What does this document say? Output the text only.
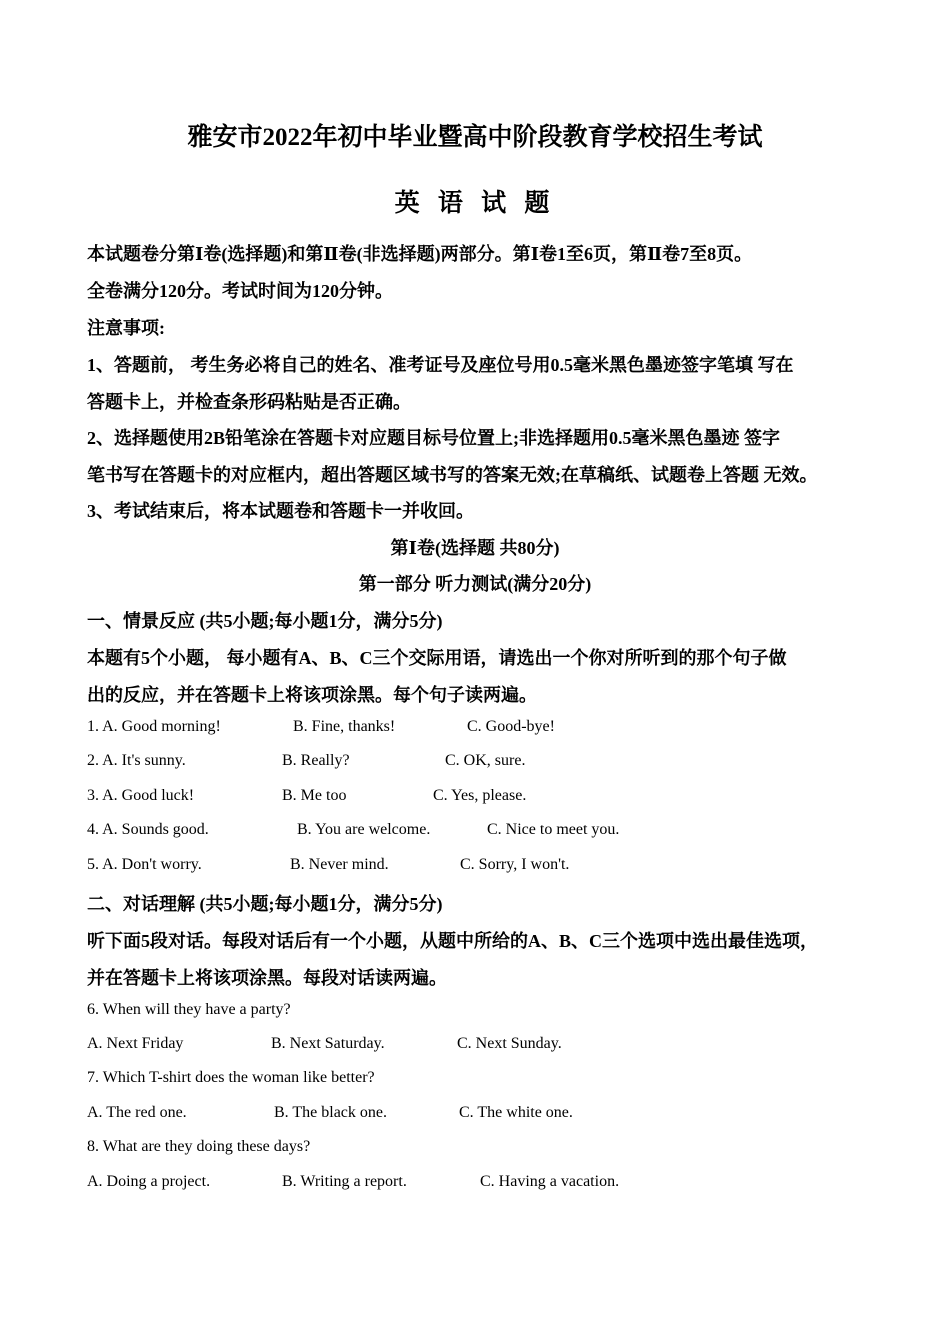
雅安市2022年初中毕业暨高中阶段教育学校招生考试
英 语 试 题
本试题卷分第Ⅰ卷(选择题)和第Ⅱ卷(非选择题)两部分。第Ⅰ卷1至6页，第Ⅱ卷7至8页。
全卷满分120分。考试时间为120分钟。
注意事项:
1、答题前， 考生务必将自己的姓名、准考证号及座位号用0.5毫米黑色墨迹签字笔填 写在
答题卡上，并检查条形码粘贴是否正确。
2、选择题使用2B铅笔涂在答题卡对应题目标号位置上;非选择题用0.5毫米黑色墨迹 签字
笔书写在答题卡的对应框内，超出答题区域书写的答案无效;在草稿纸、试题卷上答题 无效。
3、考试结束后，将本试题卷和答题卡一并收回。
第Ⅰ卷(选择题 共80分)
第一部分 听力测试(满分20分)
一、情景反应 (共5小题;每小题1分，满分5分)
本题有5个小题， 每小题有A、B、C三个交际用语，请选出一个你对所听到的那个句子做
出的反应，并在答题卡上将该项涂黑。每个句子读两遍。
1. A. Good morning!	B. Fine, thanks!	C. Good-bye!
2. A. It's sunny.	B. Really?	C. OK, sure.
3. A. Good luck!	B. Me too	C. Yes, please.
4. A. Sounds good.	B. You are welcome.	C. Nice to meet you.
5. A. Don't worry.	B. Never mind.	C. Sorry, I won't.
二、对话理解 (共5小题;每小题1分，满分5分)
听下面5段对话。每段对话后有一个小题，从题中所给的A、B、C三个选项中选出最佳选项，
并在答题卡上将该项涂黑。每段对话读两遍。
6. When will they have a party?
A. Next Friday	B. Next Saturday.	C. Next Sunday.
7. Which T-shirt does the woman like better?
A. The red one.	B. The black one.	C. The white one.
8. What are they doing these days?
A. Doing a project.	B. Writing a report.	C. Having a vacation.
